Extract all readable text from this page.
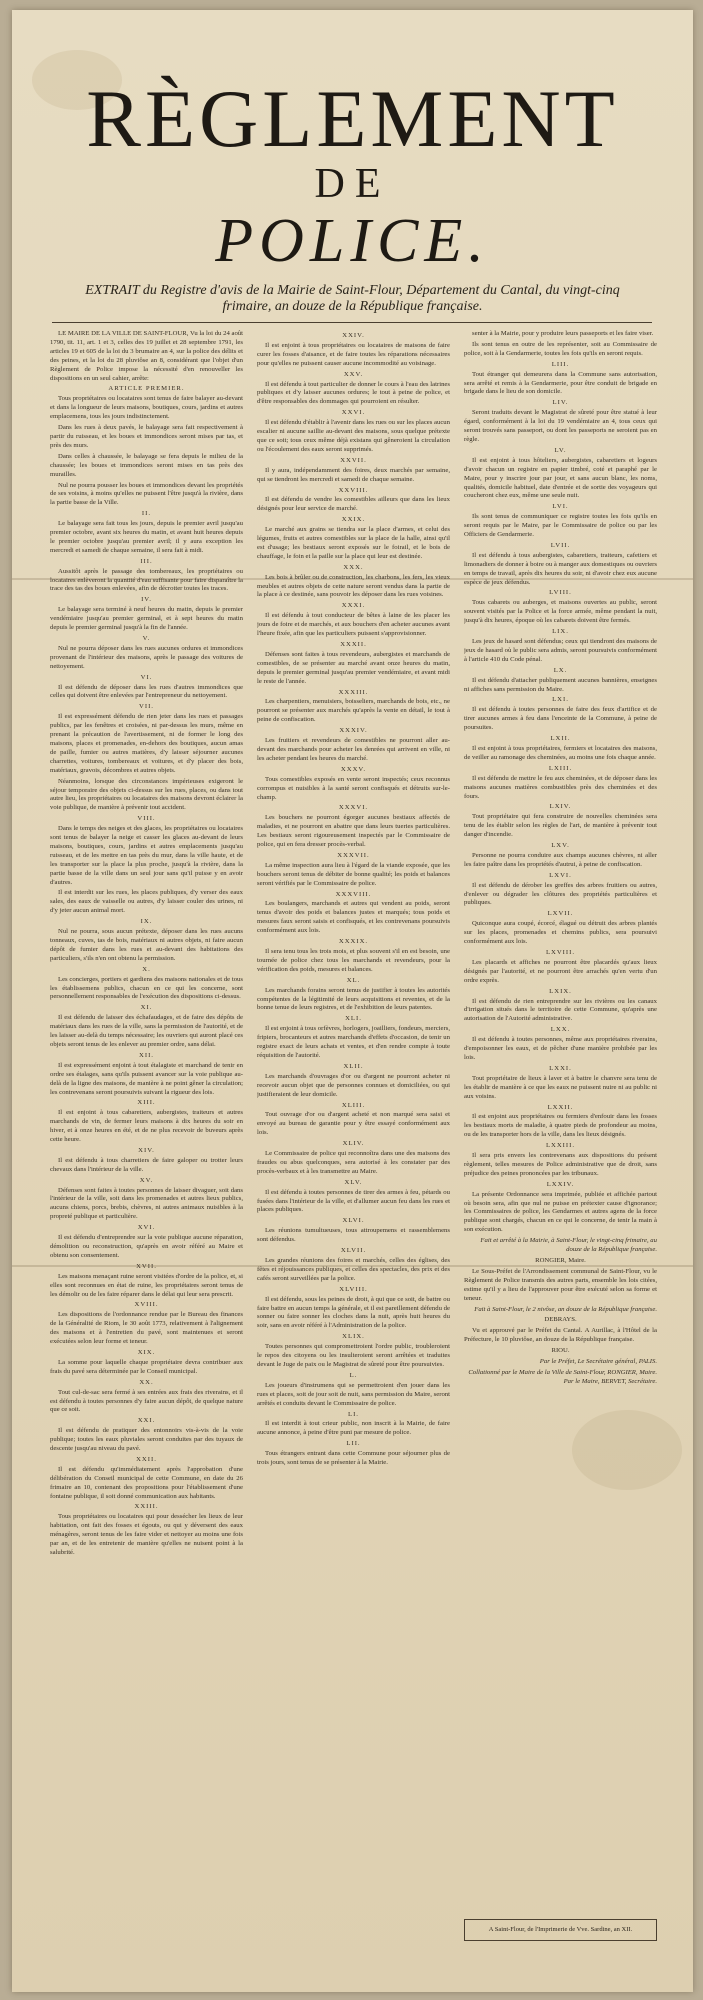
RÈGLEMENT
DE
POLICE.
EXTRAIT du Registre d'avis de la Mairie de Saint-Flour, Département du Cantal, du vingt-cinq frimaire, an douze de la République française.

LE MAIRE DE LA VILLE DE SAINT-FLOUR, Vu la loi du 24 août 1790, tit. 11, art. 1 et 3, celles des 19 juillet et 28 septembre 1791, les articles 19 et 605 de la loi du 3 brumaire an 4, sur la police des délits et des peines, et la loi du 28 pluviôse an 8, considérant que l'objet d'un Règlement de Police impose la nécessité d'en renouveller les dispositions en un seul cahier, arrête:

ARTICLE PREMIER.

Tous propriétaires ou locataires sont tenus de faire balayer au-devant et dans la longueur de leurs maisons, boutiques, cours, jardins et autres emplacemens, tous les jours indistinctement.

Dans les rues à deux pavés, le balayage sera fait respectivement à partir du ruisseau, et les boues et immondices seront mises par tas, et près des murs.

Dans celles à chaussée, le balayage se fera depuis le milieu de la chaussée; les boues et immondices seront mises en tas près des murailles.

Nul ne pourra pousser les boues et immondices devant les propriétés de ses voisins, à moins qu'elles ne puissent l'être jusqu'à la rivière, dans la partie basse de la Ville.

II.

Le balayage sera fait tous les jours, depuis le premier avril jusqu'au premier octobre, avant six heures du matin, et avant huit heures depuis le premier octobre jusqu'au premier avril; il y aura exception les mercredi et samedi de chaque semaine, il sera fait à midi.

III.

Aussitôt après le passage des tombereaux, les propriétaires ou locataires enlèveront la quantité d'eau suffisante pour faire disparaître la trace des tas des boues enlevées, afin de décrotter toutes les traces.

IV.

Le balayage sera terminé à neuf heures du matin, depuis le premier vendémiaire jusqu'au premier germinal, et à sept heures du matin depuis le premier germinal jusqu'à la fin de l'année.

V.

Nul ne pourra déposer dans les rues aucunes ordures et immondices provenant de l'intérieur des maisons, après le passage des voitures de nettoyement.

VI.

Il est défendu de déposer dans les rues d'autres immondices que celles qui doivent être enlevées par l'entrepreneur du nettoyement.

VII.

Il est expressément défendu de rien jeter dans les rues et passages publics, par les fenêtres et croisées, ni par-dessus les murs, même en prenant la précaution de l'avertissement, ni de former le long des maisons, places et promenades, en-dehors des boutiques, aucun amas de paille, fumier ou autres matières, d'y laisser séjourner aucunes charrettes, voitures, tombereaux et voitures, et d'y placer des bois, matériaux, gravois, décombres et autres objets.

Néanmoins, lorsque des circonstances impérieuses exigeront le séjour temporaire des objets ci-dessus sur les rues, places, ou dans tout autre lieu, les propriétaires ou locataires des maisons devront éclairer la voie publique, de manière à prévenir tout accident.

VIII.

Dans le temps des neiges et des glaces, les propriétaires ou locataires sont tenus de balayer la neige et casser les glaces au-devant de leurs maisons, boutiques, cours, jardins et autres emplacements jusqu'au ruisseau, et de les mettre en tas près du mur, dans la ville haute, et de les transporter sur la place la plus proche, jusqu'à la rivière, dans la partie basse de la ville dans un seul jour sans qu'il puisse y en avoir d'autres.

Il est interdit sur les rues, les places publiques, d'y verser des eaux sales, des eaux de vaisselle ou autres, d'y laisser couler des urines, ni d'y jeter aucun animal mort.

IX.

Nul ne pourra, sous aucun prétexte, déposer dans les rues aucuns tonneaux, cuves, tas de bois, matériaux ni autres objets, ni faire aucun dépôt de fumier dans les rues et au-devant des habitations des particuliers, s'ils n'en ont obtenu la permission.

X.

Les concierges, portiers et gardiens des maisons nationales et de tous les établissemens publics, chacun en ce qui les concerne, sont personnellement responsables de l'exécution des dispositions ci-dessus.

XI.

Il est défendu de laisser des échafaudages, et de faire des dépôts de matériaux dans les rues de la ville, sans la permission de l'autorité, et de les laisser au-delà du temps nécessaire; les ouvriers qui auront placé ces objets seront tenus de les enlever au premier ordre, sans délai.

XII.

Il est expressément enjoint à tout étalagiste et marchand de tenir en ordre ses étalages, sans qu'ils puissent avancer sur la voie publique au-delà de la ligne des maisons, de manière à ne point gêner la circulation; les contrevenans seront poursuivis suivant la rigueur des lois.

XIII.

Il est enjoint à tous cabaretiers, aubergistes, traiteurs et autres marchands de vin, de fermer leurs maisons à dix heures du soir en hiver, et à onze heures en été, et de ne plus recevoir de buveurs après cette heure.

XIV.

Il est défendu à tous charretiers de faire galoper ou trotter leurs chevaux dans l'intérieur de la ville.

XV.

Défenses sont faites à toutes personnes de laisser divaguer, soit dans l'intérieur de la ville, soit dans les promenades et autres lieux publics, aucuns chiens, porcs, brebis, chèvres, ni autres animaux nuisibles à la propreté publique et particulière.

XVI.

Il est défendu d'entreprendre sur la voie publique aucune réparation, démolition ou reconstruction, qu'après en avoir référé au Maire et obtenu son consentement.

XVII.

Les maisons menaçant ruine seront visitées d'ordre de la police, et, si elles sont reconnues en état de ruine, les propriétaires seront tenus de les démolir ou de les faire réparer dans le délai qui leur sera prescrit.

XVIII.

Les dispositions de l'ordonnance rendue par le Bureau des finances de la Généralité de Riom, le 30 août 1773, relativement à l'alignement des maisons et à l'entretien du pavé, sont maintenues et seront exécutées selon leur forme et teneur.

XIX.

La somme pour laquelle chaque propriétaire devra contribuer aux frais du pavé sera déterminée par le Conseil municipal.

XX.

Tout cul-de-sac sera fermé à ses entrées aux frais des riverains, et il est défendu à toutes personnes d'y faire aucun dépôt, de quelque nature que ce soit.

XXI.

Il est défendu de pratiquer des entonnoirs vis-à-vis de la voie publique; toutes les eaux pluviales seront conduites par des tuyaux de descente jusqu'au niveau du pavé.

XXII.

Il est défendu qu'immédiatement après l'approbation d'une délibération du Conseil municipal de cette Commune, en date du 26 frimaire an 10, contenant des propositions pour l'établissement d'une fontaine publique, il soit donné communication aux habitants.

XXIII.

Tous propriétaires ou locataires qui pour dessécher les lieux de leur habitation, ont fait des fosses et égouts, ou qui y déversent des eaux ménagères, seront tenus de les faire vider et nettoyer au moins une fois par an, et de les entretenir de manière qu'elles ne nuisent point à la salubrité.

XXIV.

Il est enjoint à tous propriétaires ou locataires de maisons de faire curer les fosses d'aisance, et de faire toutes les réparations nécessaires pour qu'elles ne puissent causer aucune incommodité au voisinage.

XXV.

Il est défendu à tout particulier de donner le cours à l'eau des latrines publiques et d'y laisser aucunes ordures; le tout à peine de police, et d'être responsables des dommages qui pourroient en résulter.

XXVI.

Il est défendu d'établir à l'avenir dans les rues ou sur les places aucun escalier ni aucune saillie au-devant des maisons, sous quelque prétexte que ce soit; tous ceux même déjà existans qui gêneroient la circulation ou l'écoulement des eaux seront supprimés.

XXVII.

Il y aura, indépendamment des foires, deux marchés par semaine, qui se tiendront les mercredi et samedi de chaque semaine.

XXVIII.

Il est défendu de vendre les comestibles ailleurs que dans les lieux désignés pour leur service de marché.

XXIX.

Le marché aux grains se tiendra sur la place d'armes, et celui des légumes, fruits et autres comestibles sur la place de la halle, ainsi qu'il est d'usage; les bestiaux seront exposés sur le foirail, et le bois de chauffage, le foin et la paille sur la place qui leur est destinée.

XXX.

Les bois à brûler ou de construction, les charbons, les fers, les vieux meubles et autres objets de cette nature seront vendus dans la partie de la place à ce destinée, sans pouvoir les déposer dans les rues voisines.

XXXI.

Il est défendu à tout conducteur de bêtes à laine de les placer les jours de foire et de marchés, et aux bouchers d'en acheter aucunes avant l'heure fixée, afin que les particuliers puissent s'approvisionner.

XXXII.

Défenses sont faites à tous revendeurs, aubergistes et marchands de comestibles, de se présenter au marché avant onze heures du matin, depuis le premier germinal jusqu'au premier vendémiaire, et avant midi le reste de l'année.

XXXIII.

Les charpentiers, menuisiers, boisseliers, marchands de bois, etc., ne pourront se présenter aux marchés qu'après la vente en détail, le tout à peine de confiscation.

XXXIV.

Les fruitiers et revendeurs de comestibles ne pourront aller au-devant des marchands pour acheter les denrées qui arrivent en ville, ni les acheter pendant les heures du marché.

XXXV.

Tous comestibles exposés en vente seront inspectés; ceux reconnus corrompus et nuisibles à la santé seront confisqués et détruits sur-le-champ.

XXXVI.

Les bouchers ne pourront égorger aucunes bestiaux affectés de maladies, et ne pourront en abattre que dans leurs tueries particulières. Les bestiaux seront rigoureusement inspectés par le Commissaire de police, qui en fera dresser procès-verbal.

XXXVII.

La même inspection aura lieu à l'égard de la viande exposée, que les bouchers seront tenus de débiter de bonne qualité; les poids et balances seront vérifiés par le Commissaire de police.

XXXVIII.

Les boulangers, marchands et autres qui vendent au poids, seront tenus d'avoir des poids et balances justes et marqués; tous poids et mesures faux seront saisis et confisqués, et les contrevenans poursuivis conformément aux lois.

XXXIX.

Il sera tenu tous les trois mois, et plus souvent s'il en est besoin, une tournée de police chez tous les marchands et revendeurs, pour la vérification des poids, mesures et balances.

XL.

Les marchands forains seront tenus de justifier à toutes les autorités compétentes de la légitimité de leurs acquisitions et reventes, et de la bonne tenue de leurs registres, et de l'exhibition de leurs patentes.

XLI.

Il est enjoint à tous orfèvres, horlogers, joailliers, fondeurs, merciers, fripiers, brocanteurs et autres marchands d'effets d'occasion, de tenir un registre exact de leurs achats et ventes, et d'en rendre compte à toute réquisition de l'autorité.

XLII.

Les marchands d'ouvrages d'or ou d'argent ne pourront acheter ni recevoir aucun objet que de personnes connues et domiciliées, ou qui justifieraient de leur domicile.

XLIII.

Tout ouvrage d'or ou d'argent acheté et non marqué sera saisi et envoyé au bureau de garantie pour y être essayé conformément aux lois.

XLIV.

Le Commissaire de police qui reconnoîtra dans une des maisons des fraudes ou abus quelconques, sera autorisé à les constater par des procès-verbaux et à les transmettre au Maire.

XLV.

Il est défendu à toutes personnes de tirer des armes à feu, pétards ou fusées dans l'intérieur de la ville, et d'allumer aucun feu dans les rues et places publiques.

XLVI.

Les réunions tumultueuses, tous attroupemens et rassemblemens sont défendus.

XLVII.

Les grandes réunions des foires et marchés, celles des églises, des fêtes et réjouissances publiques, et celles des spectacles, des prix et des cafés seront surveillées par la police.

XLVIII.

Il est défendu, sous les peines de droit, à qui que ce soit, de battre ou faire battre en aucun temps la générale, et il est pareillement défendu de sonner ou faire sonner les cloches dans la nuit, après huit heures du soir, sans en avoir référé à l'Administration de la police.

XLIX.

Toutes personnes qui compromettroient l'ordre public, troubleroient le repos des citoyens ou les insulteroient seront arrêtées et traduites devant le Juge de paix ou le Magistrat de sûreté pour être poursuivies.

L.

Les joueurs d'instrumens qui se permettroient d'en jouer dans les rues et places, soit de jour soit de nuit, sans permission du Maire, seront arrêtés et conduits devant le Commissaire de police.

LI.

Il est interdit à tout crieur public, non inscrit à la Mairie, de faire aucune annonce, à peine d'être puni par mesure de police.

LII.

Tous étrangers entrant dans cette Commune pour séjourner plus de trois jours, sont tenus de se présenter à la Mairie.

senter à la Mairie, pour y produire leurs passeports et les faire viser.

Ils sont tenus en outre de les représenter, soit au Commissaire de police, soit à la Gendarmerie, toutes les fois qu'ils en seront requis.

LIII.

Tout étranger qui demeurera dans la Commune sans autorisation, sera arrêté et remis à la Gendarmerie, pour être conduit de brigade en brigade dans le lieu de son domicile.

LIV.

Seront traduits devant le Magistrat de sûreté pour être statué à leur égard, conformément à la loi du 19 vendémiaire an 4, tous ceux qui seront trouvés sans passeport, ou dont les passeports ne seroient pas en règle.

LV.

Il est enjoint à tous hôteliers, aubergistes, cabaretiers et logeurs d'avoir chacun un registre en papier timbré, coté et paraphé par le Maire, pour y inscrire jour par jour, et sans aucun blanc, les noms, qualités, domicile habituel, date d'entrée et de sortie des voyageurs qui coucheront chez eux, même une seule nuit.

LVI.

Ils sont tenus de communiquer ce registre toutes les fois qu'ils en seront requis par le Maire, par le Commissaire de police ou par les Officiers de Gendarmerie.

LVII.

Il est défendu à tous aubergistes, cabaretiers, traiteurs, cafetiers et limonadiers de donner à boire ou à manger aux domestiques ou ouvriers en temps de travail, après dix heures du soir, ni d'avoir chez eux aucune espèce de jeux défendus.

LVIII.

Tous cabarets ou auberges, et maisons ouvertes au public, seront souvent visités par la Police et la force armée, même pendant la nuit, jusqu'à dix heures, époque où les cabarets doivent être fermés.

LIX.

Les jeux de hasard sont défendus; ceux qui tiendront des maisons de jeux de hasard où le public sera admis, seront poursuivis conformément à l'article 410 du Code pénal.

LX.

Il est défendu d'attacher publiquement aucunes bannières, enseignes ni affiches sans permission du Maire.

LXI.

Il est défendu à toutes personnes de faire des feux d'artifice et de tirer aucunes armes à feu dans l'enceinte de la Commune, à peine de poursuites.

LXII.

Il est enjoint à tous propriétaires, fermiers et locataires des maisons, de veiller au ramonage des cheminées, au moins une fois chaque année.

LXIII.

Il est défendu de mettre le feu aux cheminées, et de déposer dans les maisons aucunes matières combustibles près des cheminées et des fours.

LXIV.

Tout propriétaire qui fera construire de nouvelles cheminées sera tenu de les établir selon les règles de l'art, de manière à prévenir tout danger d'incendie.

LXV.

Personne ne pourra conduire aux champs aucunes chèvres, ni aller les faire paître dans les propriétés d'autrui, à peine de confiscation.

LXVI.

Il est défendu de dérober les greffes des arbres fruitiers ou autres, d'enlever ou dégrader les clôtures des propriétés particulières et publiques.

LXVII.

Quiconque aura coupé, écorcé, élagué ou détruit des arbres plantés sur les places, promenades et chemins publics, sera poursuivi conformément aux lois.

LXVIII.

Les placards et affiches ne pourront être placardés qu'aux lieux désignés par l'autorité, et ne pourront être arrachés qu'en vertu d'un ordre exprès.

LXIX.

Il est défendu de rien entreprendre sur les rivières ou les canaux d'irrigation situés dans le territoire de cette Commune, qu'après une autorisation de l'Autorité administrative.

LXX.

Il est défendu à toutes personnes, même aux propriétaires riverains, d'empoisonner les eaux, et de pêcher d'une manière prohibée par les lois.

LXXI.

Tout propriétaire de lieux à laver et à battre le chanvre sera tenu de les établir de manière à ce que les eaux ne puissent nuire ni au public ni aux voisins.

LXXII.

Il est enjoint aux propriétaires ou fermiers d'enfouir dans les fosses les bestiaux morts de maladie, à quatre pieds de profondeur au moins, ou de les transporter hors de la ville, dans les lieux désignés.

LXXIII.

Il sera pris envers les contrevenans aux dispositions du présent règlement, telles mesures de Police administrative que de droit, sans préjudice des peines prononcées par les tribunaux.

LXXIV.

La présente Ordonnance sera imprimée, publiée et affichée partout où besoin sera, afin que nul ne puisse en prétexter cause d'ignorance; les Commissaires de police, les Gendarmes et autres agens de la force publique sont chargés, chacun en ce qui le concerne, de tenir la main à son exécution.

Fait et arrêté à la Mairie, à Saint-Flour, le vingt-cinq frimaire, au douze de la République française.

RONGIER, Maire.

Le Sous-Préfet de l'Arrondissement communal de Saint-Flour, vu le Règlement de Police transmis des autres parts, ensemble les lois citées, estime qu'il y a lieu de l'approuver pour être exécuté selon sa forme et teneur.

Fait à Saint-Flour, le 2 nivôse, an douze de la République française.

DEBRAYS.

Vu et approuvé par le Préfet du Cantal. A Aurillac, à l'Hôtel de la Préfecture, le 10 pluviôse, an douze de la République française.

RIOU.

Par le Préfet, Le Secrétaire général, PALIS.

Collationné par le Maire de la Ville de Saint-Flour, RONGIER, Maire. Par le Maire, BERVET, Secrétaire.

A Saint-Flour, de l'Imprimerie de Vve. Sardine, an XII.
